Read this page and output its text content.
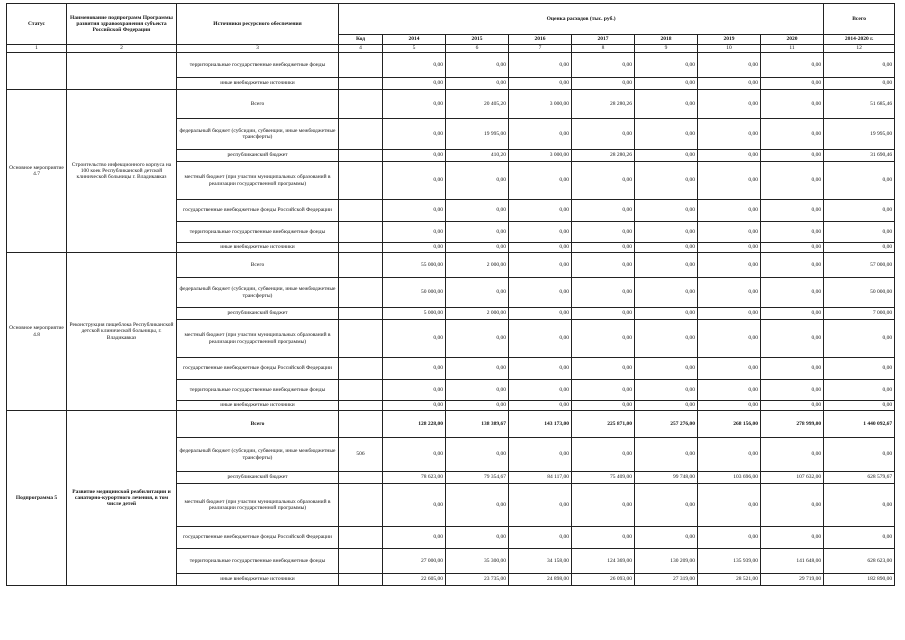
Статус	Наименование подпрограмм Программы развития здравоохранения субъекта Российской Федерации	Источники ресурсного обеспечения	Оценка расходов (тыс. руб.)								Всего
			Код	2014	2015	2016	2017	2018	2019	2020	2014-2020 г.
1	2	3	4	5	6	7	8	9	10	11	12
		территориальные государственные внебюджетные фонды		0,00	0,00	0,00	0,00	0,00	0,00	0,00	0,00
		иные внебюджетные источники		0,00	0,00	0,00	0,00	0,00	0,00	0,00	0,00
Основное мероприятие 4.7	Строительство инфекционного корпуса на 100 коек Республиканской детской клинической больницы г. Владикавказ	Всего		0,00	20 405,20	3 000,00	28 280,26	0,00	0,00	0,00	51 685,46
		федеральный бюджет (субсидии, субвенции, иные межбюджетные трансферты)		0,00	19 995,00	0,00	0,00	0,00	0,00	0,00	19 995,00
		республиканский бюджет		0,00	410,20	3 000,00	28 280,26	0,00	0,00	0,00	31 690,46
		местный бюджет (при участии муниципальных образований в реализации государственной программы)		0,00	0,00	0,00	0,00	0,00	0,00	0,00	0,00
		государственные внебюджетные фонды Российской Федерации		0,00	0,00	0,00	0,00	0,00	0,00	0,00	0,00
		территориальные государственные внебюджетные фонды		0,00	0,00	0,00	0,00	0,00	0,00	0,00	0,00
		иные внебюджетные источники		0,00	0,00	0,00	0,00	0,00	0,00	0,00	0,00
Основное мероприятие 4.8	Реконструкция пищеблока Республиканской детской клинической больницы, г. Владикавказ	Всего		55 000,00	2 000,00	0,00	0,00	0,00	0,00	0,00	57 000,00
		федеральный бюджет (субсидии, субвенции, иные межбюджетные трансферты)		50 000,00	0,00	0,00	0,00	0,00	0,00	0,00	50 000,00
		республиканский бюджет		5 000,00	2 000,00	0,00	0,00	0,00	0,00	0,00	7 000,00
		местный бюджет (при участии муниципальных образований в реализации государственной программы)		0,00	0,00	0,00	0,00	0,00	0,00	0,00	0,00
		государственные внебюджетные фонды Российской Федерации		0,00	0,00	0,00	0,00	0,00	0,00	0,00	0,00
		территориальные государственные внебюджетные фонды		0,00	0,00	0,00	0,00	0,00	0,00	0,00	0,00
		иные внебюджетные источники		0,00	0,00	0,00	0,00	0,00	0,00	0,00	0,00
Подпрограмма 5	Развитие медицинской реабилитации и санаторно-курортного лечения, в том числе детей	Всего		128 228,00	138 389,67	143 173,00	225 871,00	257 276,00	268 156,00	278 999,00	1 440 092,67
		федеральный бюджет (субсидии, субвенции, иные межбюджетные трансферты)	506	0,00	0,00	0,00	0,00	0,00	0,00	0,00	0,00
		республиканский бюджет		78 623,00	79 354,67	84 117,00	75 409,00	99 748,00	103 696,00	107 632,00	628 579,67
		местный бюджет (при участии муниципальных образований в реализации государственной программы)		0,00	0,00	0,00	0,00	0,00	0,00	0,00	0,00
		государственные внебюджетные фонды Российской Федерации		0,00	0,00	0,00	0,00	0,00	0,00	0,00	0,00
		территориальные государственные внебюджетные фонды		27 000,00	35 300,00	34 158,00	124 369,00	130 209,00	135 939,00	141 648,00	628 623,00
		иные внебюджетные источники		22 605,00	23 735,00	24 898,00	26 093,00	27 319,00	28 521,00	29 719,00	182 890,00
